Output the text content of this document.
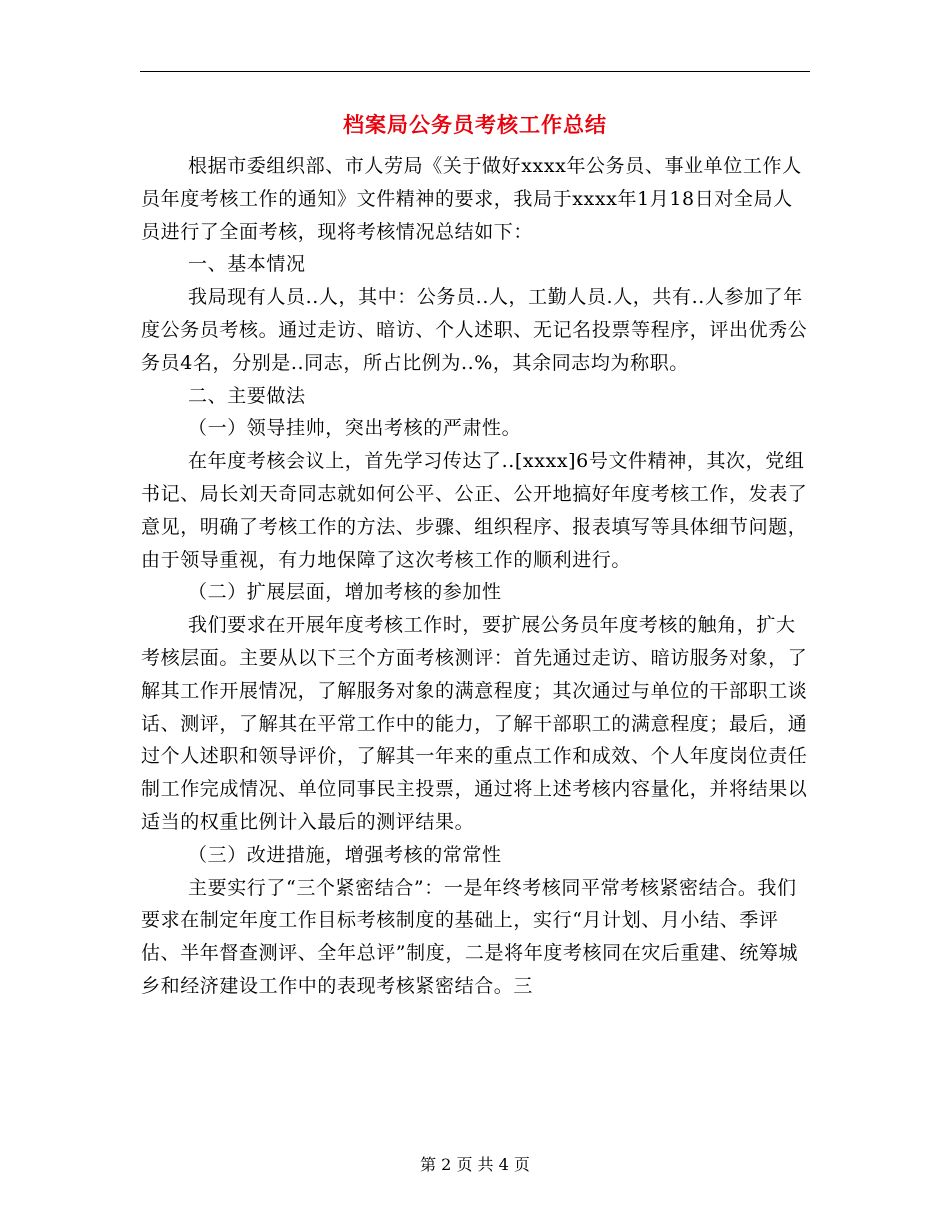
档案局公务员考核工作总结

根据市委组织部、市人劳局《关于做好xxxx年公务员、事业单位工作人员年度考核工作的通知》文件精神的要求，我局于xxxx年1月18日对全局人员进行了全面考核，现将考核情况总结如下：

一、基本情况

我局现有人员..人，其中：公务员..人，工勤人员.人，共有..人参加了年度公务员考核。通过走访、暗访、个人述职、无记名投票等程序，评出优秀公务员4名，分别是..同志，所占比例为..%，其余同志均为称职。

二、主要做法

（一）领导挂帅，突出考核的严肃性。

在年度考核会议上，首先学习传达了..[xxxx]6号文件精神，其次，党组书记、局长刘天奇同志就如何公平、公正、公开地搞好年度考核工作，发表了意见，明确了考核工作的方法、步骤、组织程序、报表填写等具体细节问题，由于领导重视，有力地保障了这次考核工作的顺利进行。

（二）扩展层面，增加考核的参加性

我们要求在开展年度考核工作时，要扩展公务员年度考核的触角，扩大考核层面。主要从以下三个方面考核测评：首先通过走访、暗访服务对象，了解其工作开展情况，了解服务对象的满意程度；其次通过与单位的干部职工谈话、测评，了解其在平常工作中的能力，了解干部职工的满意程度；最后，通过个人述职和领导评价，了解其一年来的重点工作和成效、个人年度岗位责任制工作完成情况、单位同事民主投票，通过将上述考核内容量化，并将结果以适当的权重比例计入最后的测评结果。

（三）改进措施，增强考核的常常性

主要实行了“三个紧密结合”：一是年终考核同平常考核紧密结合。我们要求在制定年度工作目标考核制度的基础上，实行“月计划、月小结、季评估、半年督查测评、全年总评”制度，二是将年度考核同在灾后重建、统筹城乡和经济建设工作中的表现考核紧密结合。三

第 2 页 共 4 页
